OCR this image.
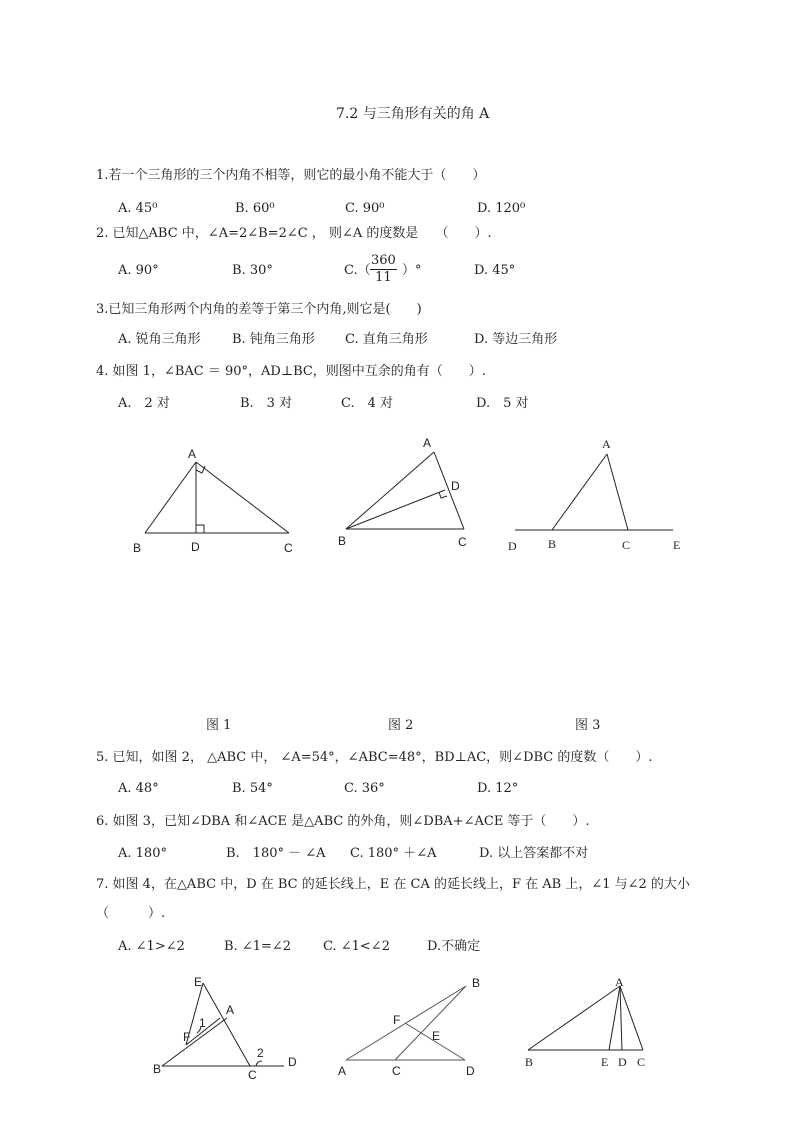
7.2 与三角形有关的角 A
1.若一个三角形的三个内角不相等，则它的最小角不能大于（　　）
A. 45⁰	B. 60⁰	C. 90⁰	D. 120⁰
2. 已知△ABC 中，∠A=2∠B=2∠C ， 则∠A 的度数是　 （　　）.
A. 90°	B. 30°	$C.( \frac{360}{11}$ ）°	D. 45°
3.已知三角形两个内角的差等于第三个内角,则它是(　　)
A. 锐角三角形 B. 钝角三角形 C. 直角三角形	D. 等边三角形
4. 如图 1，∠BAC ＝ 90°，AD⊥BC，则图中互余的角有（　　）.
A.　2 对	B.　3 对	C.　4 对	D.　5 对
A
B	D	C
A
D
B	C
A
D	B	C	E
E
A
1
F
2
D
B	C
B
F
E
A	C	D
A
B	E D C
图 1	图 2	图 3
5. 已知，如图 2， △ABC 中， ∠A=54°，∠ABC=48°，BD⊥AC，则∠DBC 的度数（　　）.
A. 48°	B. 54°	C. 36°	D. 12°
6. 如图 3，已知∠DBA 和∠ACE 是△ABC 的外角，则∠DBA+∠ACE 等于（　　）.
A. 180°	B.　180° － ∠A C. 180° ＋∠A	D. 以上答案都不对
7. 如图 4，在△ABC 中，D 在 BC 的延长线上，E 在 CA 的延长线上，F 在 AB 上，∠1 与∠2 的大小
（　　　）.
A. ∠1>∠2	B. ∠1=∠2 C. ∠1<∠2	D.不确定
